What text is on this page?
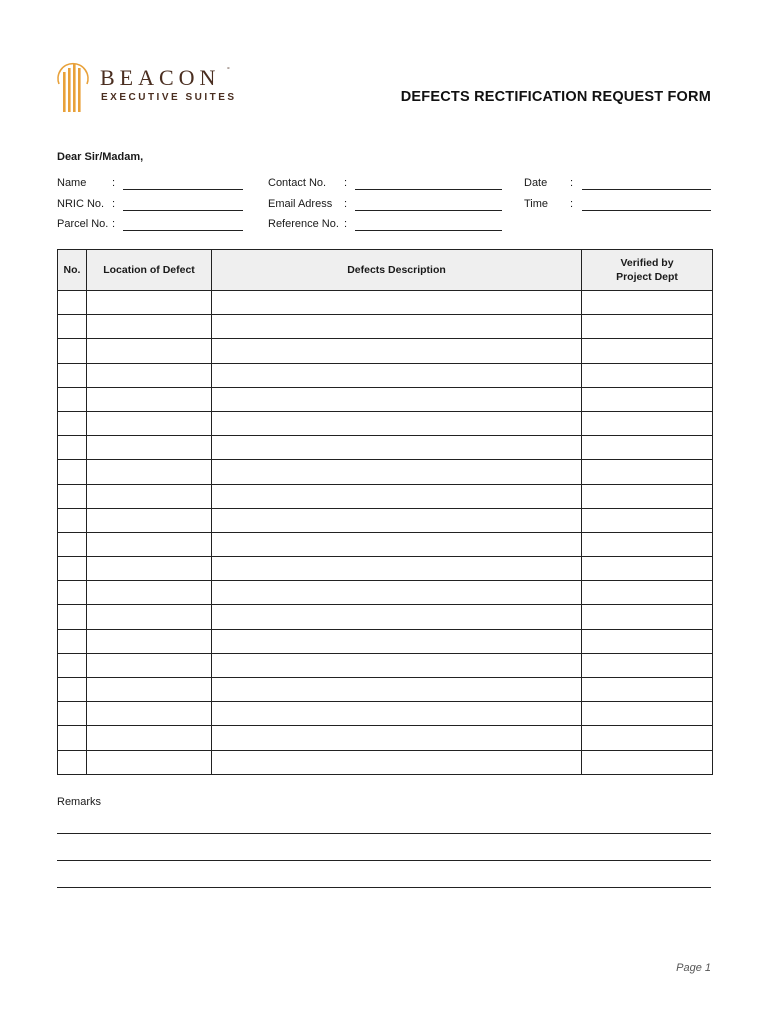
BEACON °
EXECUTIVE SUITES	DEFECTS RECTIFICATION REQUEST FORM
Dear Sir/Madam,
Name :
NRIC No. :
Parcel No. :
Contact No. :
Email Adress :
Reference No. :
Date :
Time :
No.	Location of Defect	Defects Description	Verified by
Project Dept

Remarks
Page 1
